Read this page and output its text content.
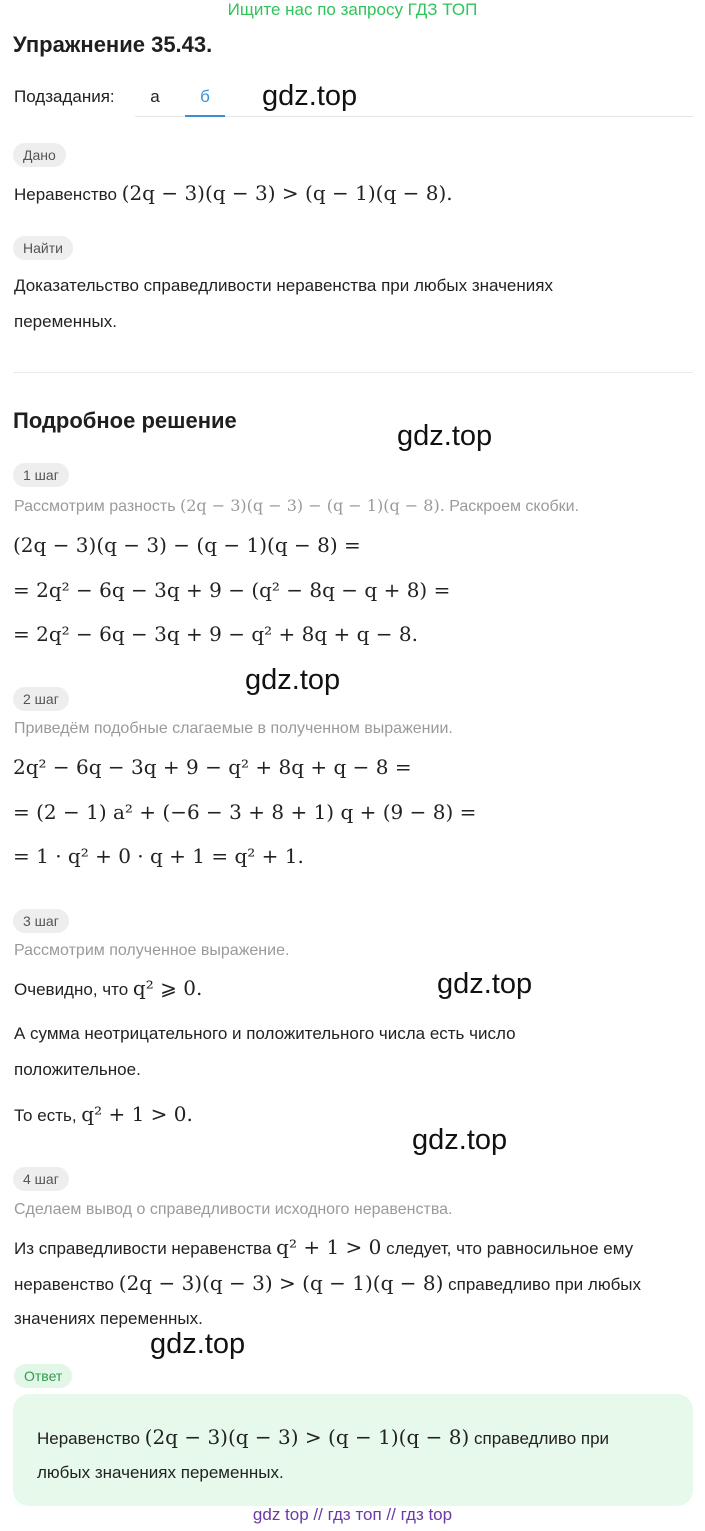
Ищите нас по запросу ГДЗ ТОП
Упражнение 35.43.
Подзадания:	а	б	gdz.top
Дано
Неравенство (2q − 3)(q − 3) > (q − 1)(q − 8).
Найти
Доказательство справедливости неравенства при любых значениях
переменных.
Подробное решение	gdz.top
1 шаг
Рассмотрим разность (2q − 3)(q − 3) − (q − 1)(q − 8). Раскроем скобки.
(2q − 3)(q − 3) − (q − 1)(q − 8) =
= 2q² − 6q − 3q + 9 − (q² − 8q − q + 8) =
= 2q² − 6q − 3q + 9 − q² + 8q + q − 8.
gdz.top
2 шаг
Приведём подобные слагаемые в полученном выражении.
2q² − 6q − 3q + 9 − q² + 8q + q − 8 =
= (2 − 1) a² + (−6 − 3 + 8 + 1) q + (9 − 8) =
= 1 · q² + 0 · q + 1 = q² + 1.
3 шаг
Рассмотрим полученное выражение.
Очевидно, что q² ⩾ 0.	gdz.top
А сумма неотрицательного и положительного числа есть число
положительное.
То есть, q² + 1 > 0.
gdz.top
4 шаг
Сделаем вывод о справедливости исходного неравенства.
Из справедливости неравенства q² + 1 > 0 следует, что равносильное ему
неравенство (2q − 3)(q − 3) > (q − 1)(q − 8) справедливо при любых
значениях переменных.
gdz.top
Ответ
Неравенство (2q − 3)(q − 3) > (q − 1)(q − 8) справедливо при
любых значениях переменных.
gdz top // гдз топ // гдз top
